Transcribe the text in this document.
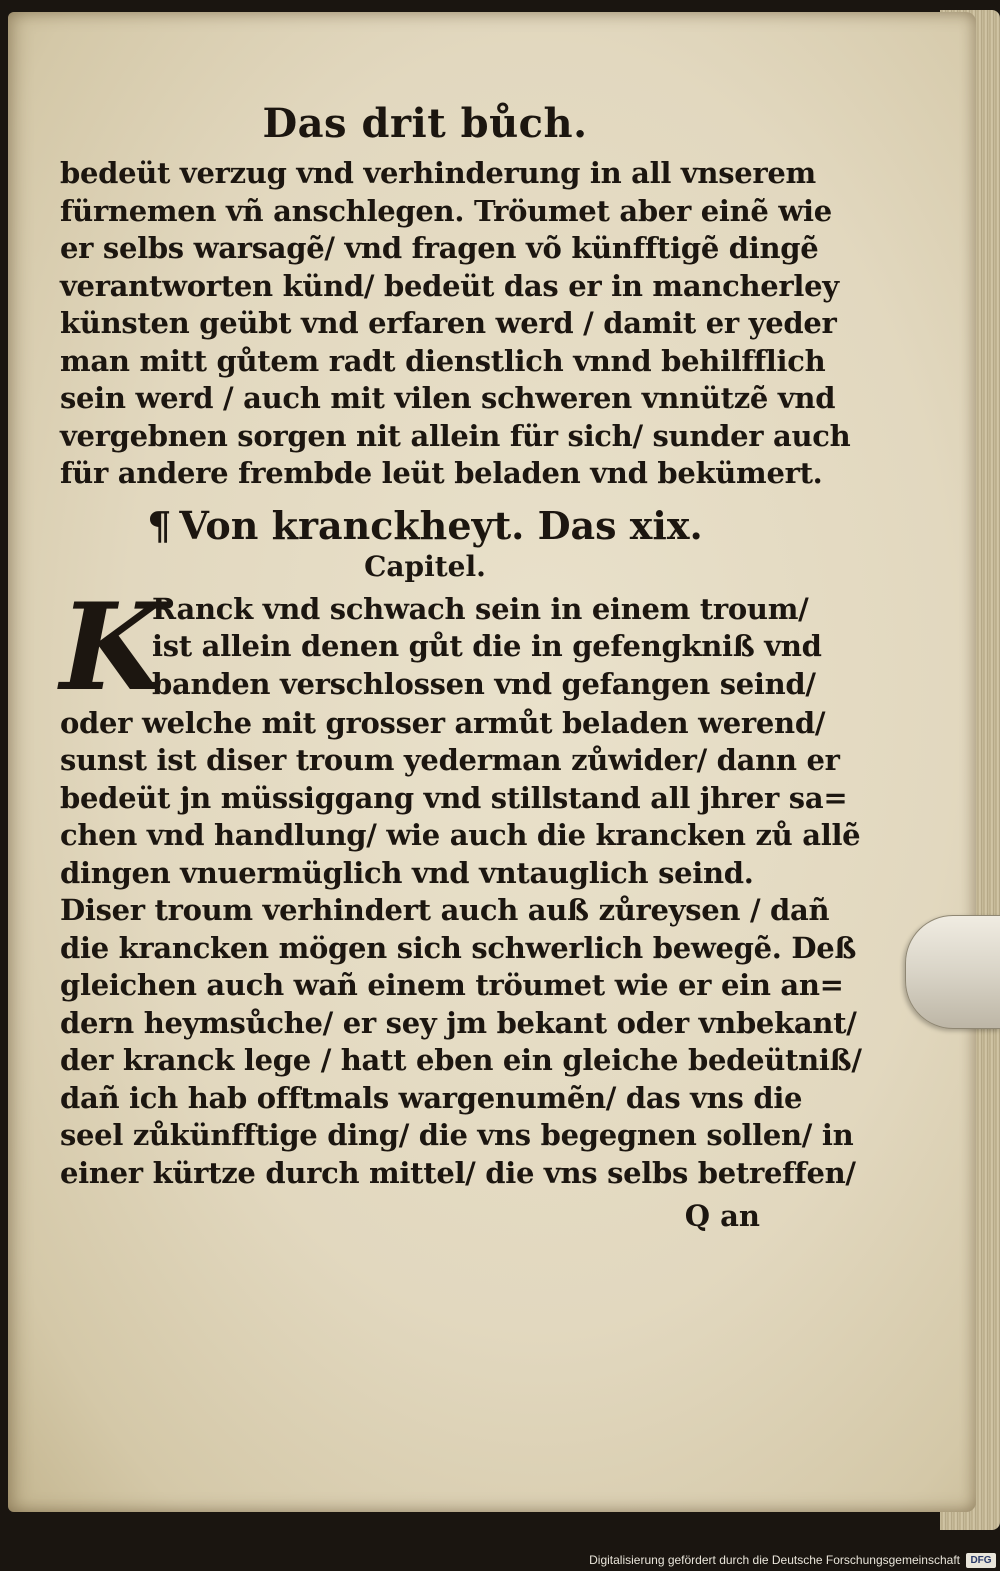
Das drit bůch.
bedeüt verzug vnd verhinderung in all vnserem
fürnemen vñ anschlegen. Tröumet aber einẽ wie
er selbs warsagẽ/ vnd fragen võ künfftigẽ dingẽ
verantworten künd/ bedeüt das er in mancherley
künsten geübt vnd erfaren werd / damit er yeder
man mitt gůtem radt dienstlich vnnd behilfflich
sein werd / auch mit vilen schweren vnnützẽ vnd
vergebnen sorgen nit allein für sich/ sunder auch
für andere frembde leüt beladen vnd bekümert.
¶ Von kranckheyt. Das xix.
Capitel.
K
Ranck vnd schwach sein in einem troum/
ist allein denen gůt die in gefengkniß vnd
banden verschlossen vnd gefangen seind/
oder welche mit grosser armůt beladen werend/
sunst ist diser troum yederman zůwider/ dann er
bedeüt jn müssiggang vnd stillstand all jhrer sa=
chen vnd handlung/ wie auch die krancken zů allẽ
dingen vnuermüglich vnd vntauglich seind.
Diser troum verhindert auch auß zůreysen / dañ
die krancken mögen sich schwerlich bewegẽ. Deß
gleichen auch wañ einem tröumet wie er ein an=
dern heymsůche/ er sey jm bekant oder vnbekant/
der kranck lege / hatt eben ein gleiche bedeütniß/
dañ ich hab offtmals wargenumẽn/ das vns die
seel zůkünfftige ding/ die vns begegnen sollen/ in
einer kürtze durch mittel/ die vns selbs betreffen/
Q an
Digitalisierung gefördert durch die Deutsche Forschungsgemeinschaft	DFG
